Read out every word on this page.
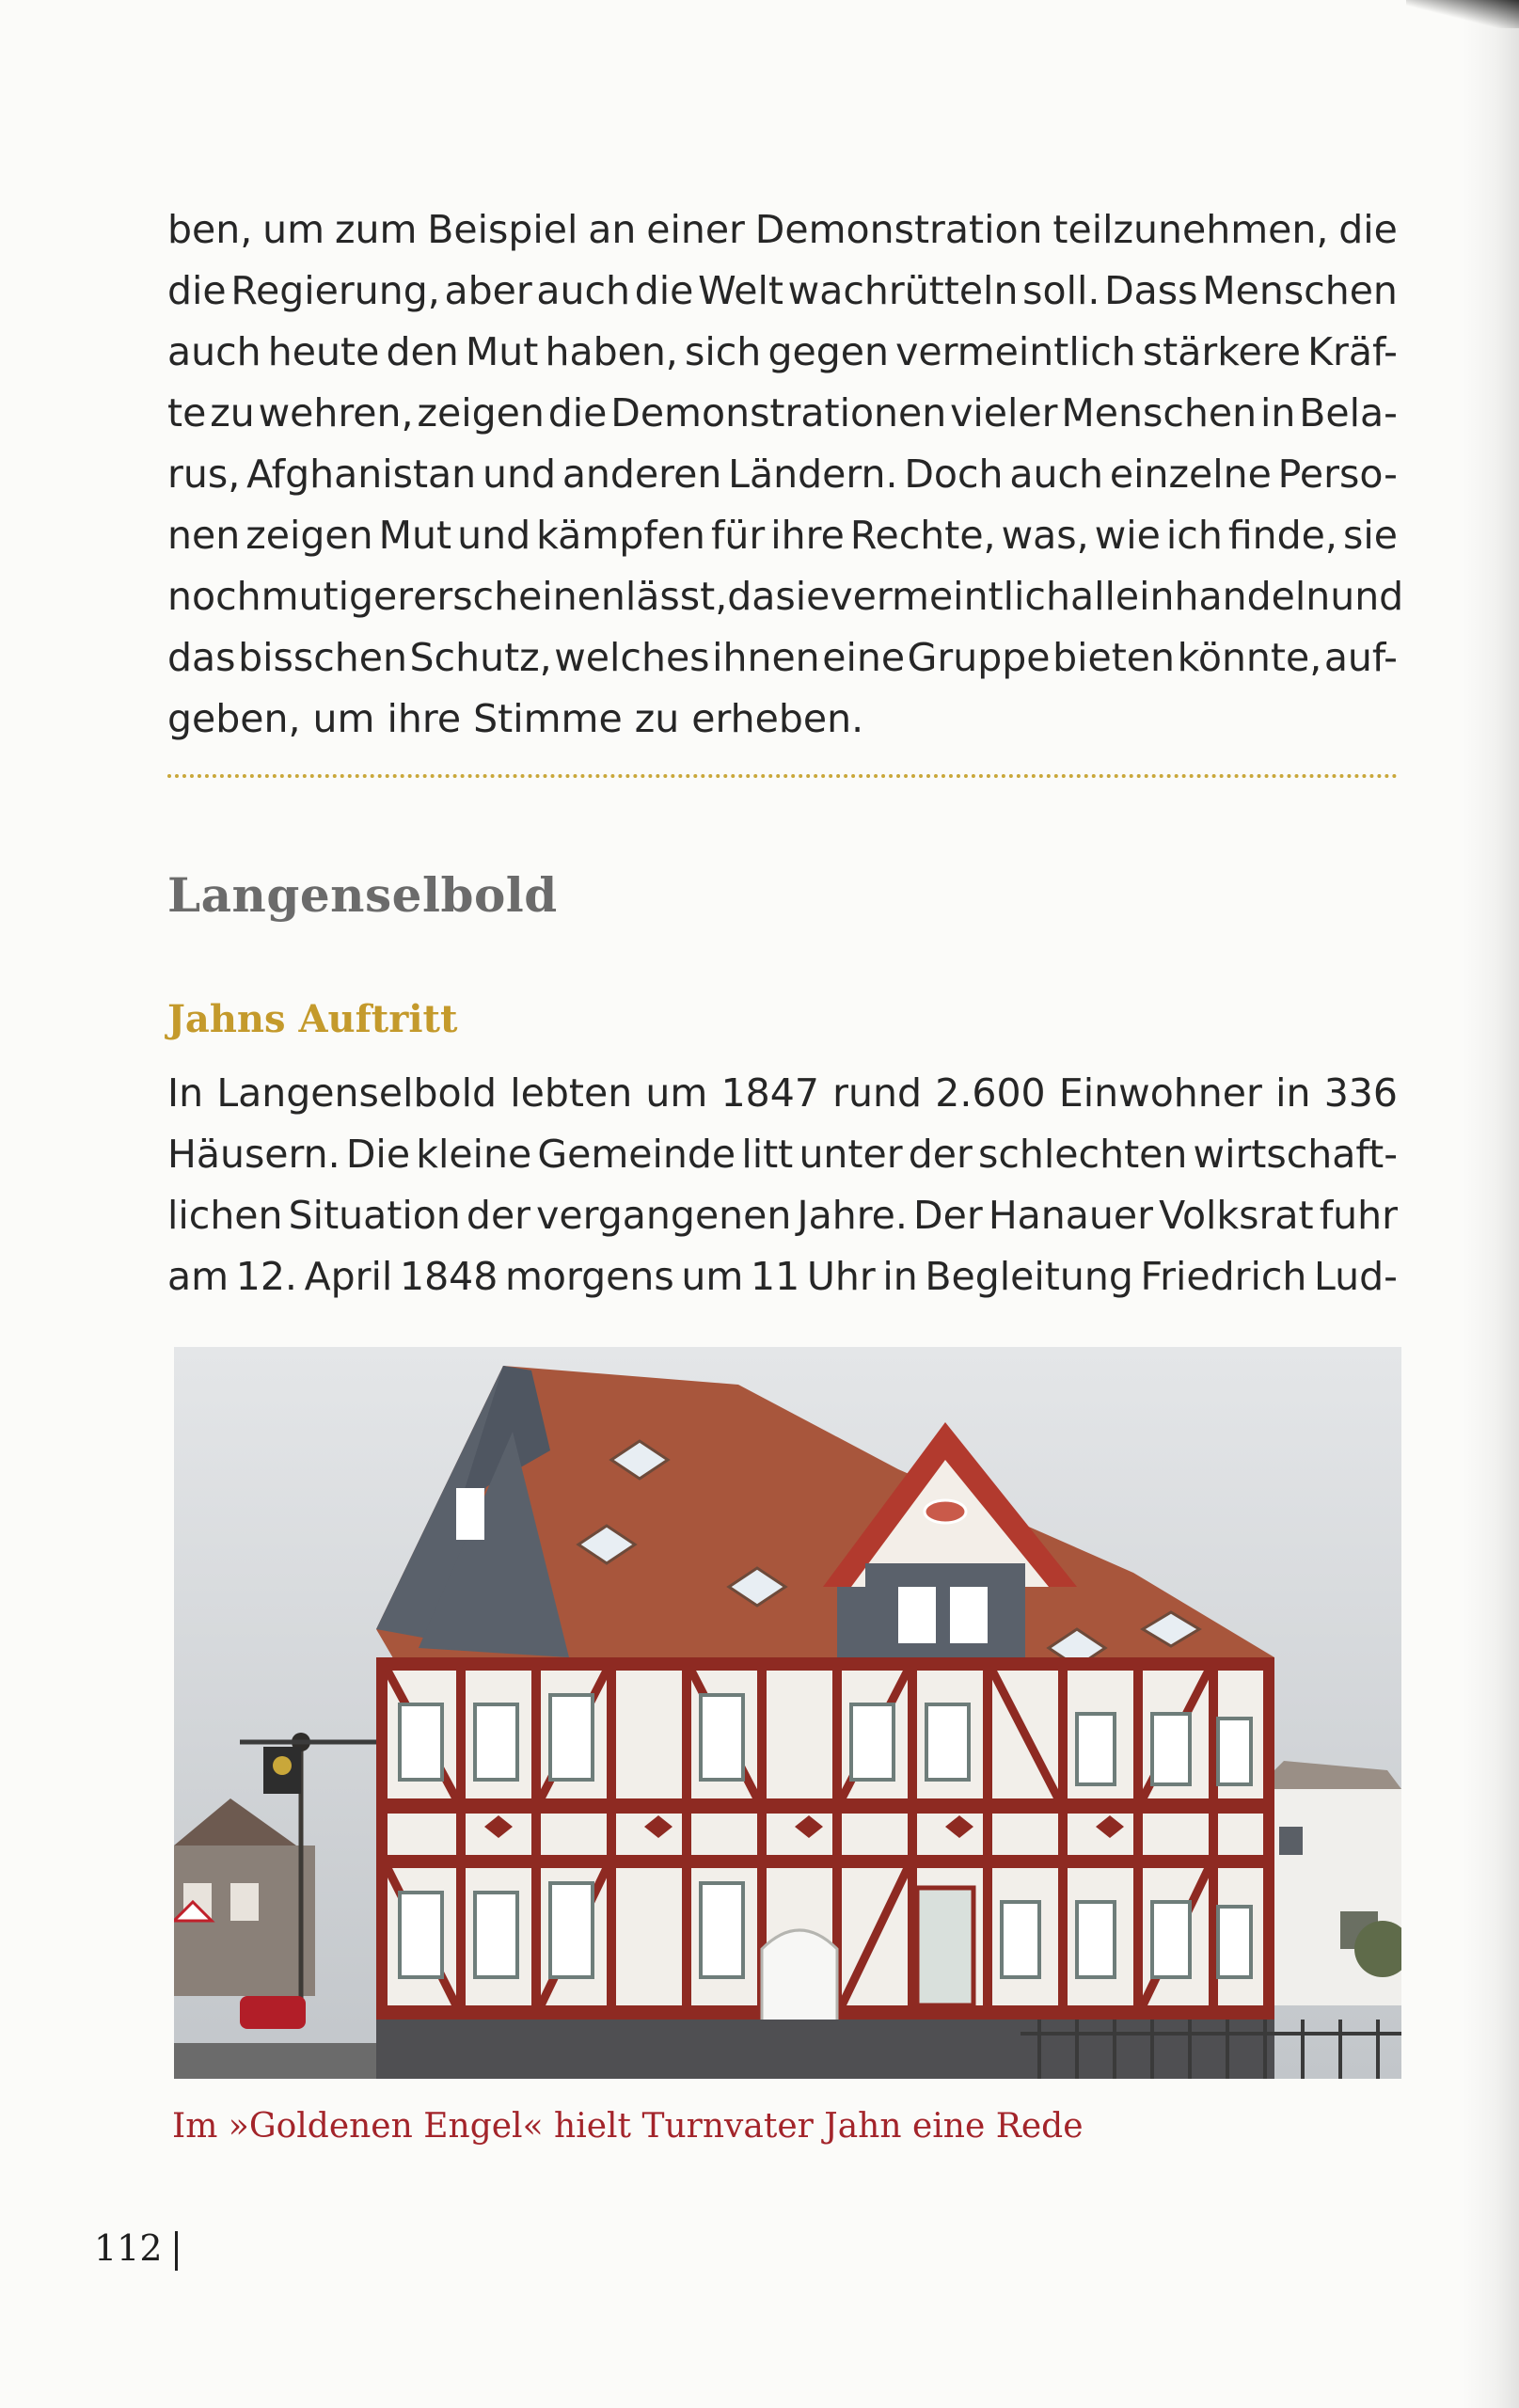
ben, um zum Beispiel an einer Demonstration teilzunehmen, die
die Regierung, aber auch die Welt wachrütteln soll. Dass Menschen
auch heute den Mut haben, sich gegen vermeintlich stärkere Kräf-
te zu wehren, zeigen die Demonstrationen vieler Menschen in Bela-
rus, Afghanistan und anderen Ländern. Doch auch einzelne Perso-
nen zeigen Mut und kämpfen für ihre Rechte, was, wie ich finde, sie
noch mutiger erscheinen lässt, da sie vermeintlich allein handeln und
das bisschen Schutz, welches ihnen eine Gruppe bieten könnte, auf-
geben, um ihre Stimme zu erheben.
Langenselbold
Jahns Auftritt
In Langenselbold lebten um 1847 rund 2.600 Einwohner in 336
Häusern. Die kleine Gemeinde litt unter der schlechten wirtschaft-
lichen Situation der vergangenen Jahre. Der Hanauer Volksrat fuhr
am 12. April 1848 morgens um 11 Uhr in Begleitung Friedrich Lud-
Im »Goldenen Engel« hielt Turnvater Jahn eine Rede
112
